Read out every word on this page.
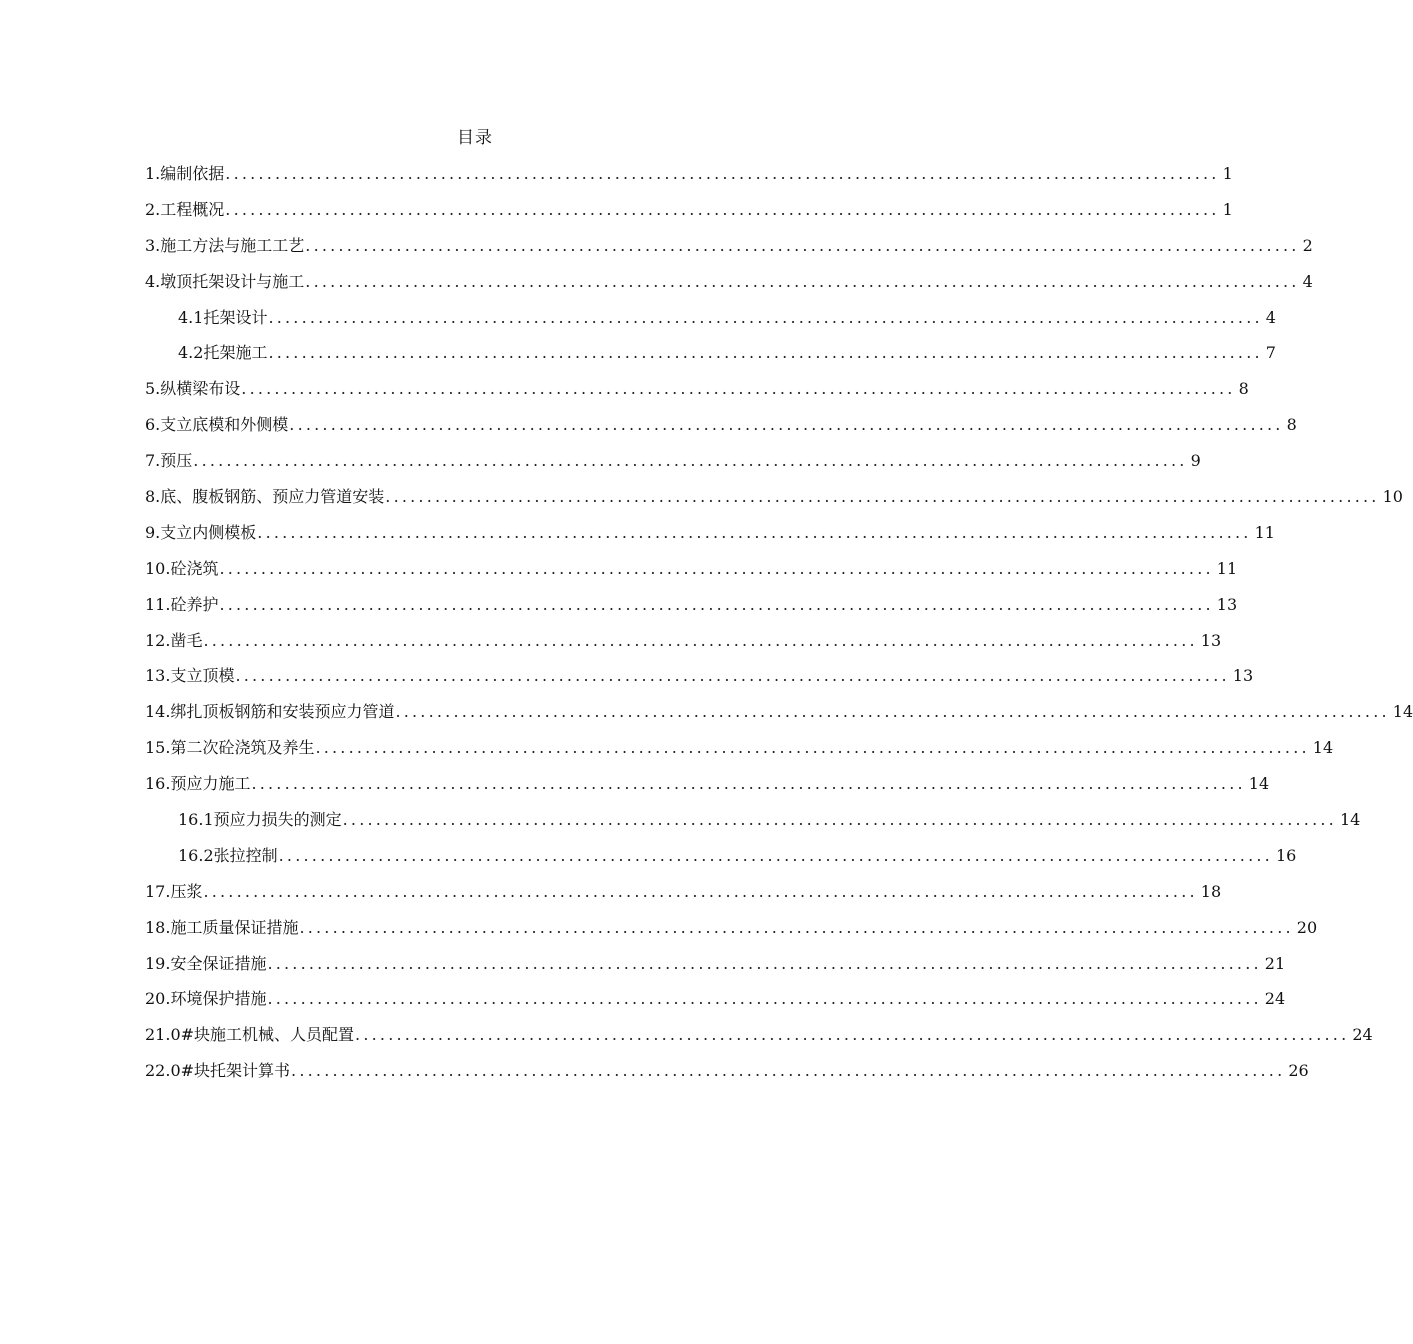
目录
1.编制依据 ........................................................................................................................ 1
2.工程概况 ........................................................................................................................ 1
3.施工方法与施工工艺 ........................................................................................................................ 2
4.墩顶托架设计与施工 ........................................................................................................................ 4
4.1托架设计 ........................................................................................................................ 4
4.2托架施工 ........................................................................................................................ 7
5.纵横梁布设 ........................................................................................................................ 8
6.支立底模和外侧模 ........................................................................................................................ 8
7.预压 ........................................................................................................................ 9
8.底、腹板钢筋、预应力管道安装 ........................................................................................................................ 10
9.支立内侧模板 ........................................................................................................................ 11
10.砼浇筑 ........................................................................................................................ 11
11.砼养护 ........................................................................................................................ 13
12.凿毛 ........................................................................................................................ 13
13.支立顶模 ........................................................................................................................ 13
14.绑扎顶板钢筋和安装预应力管道 ........................................................................................................................ 14
15.第二次砼浇筑及养生 ........................................................................................................................ 14
16.预应力施工 ........................................................................................................................ 14
16.1预应力损失的测定 ........................................................................................................................ 14
16.2张拉控制 ........................................................................................................................ 16
17.压浆 ........................................................................................................................ 18
18.施工质量保证措施 ........................................................................................................................ 20
19.安全保证措施 ........................................................................................................................ 21
20.环境保护措施 ........................................................................................................................ 24
21.0#块施工机械、人员配置 ........................................................................................................................ 24
22.0#块托架计算书 ........................................................................................................................ 26
